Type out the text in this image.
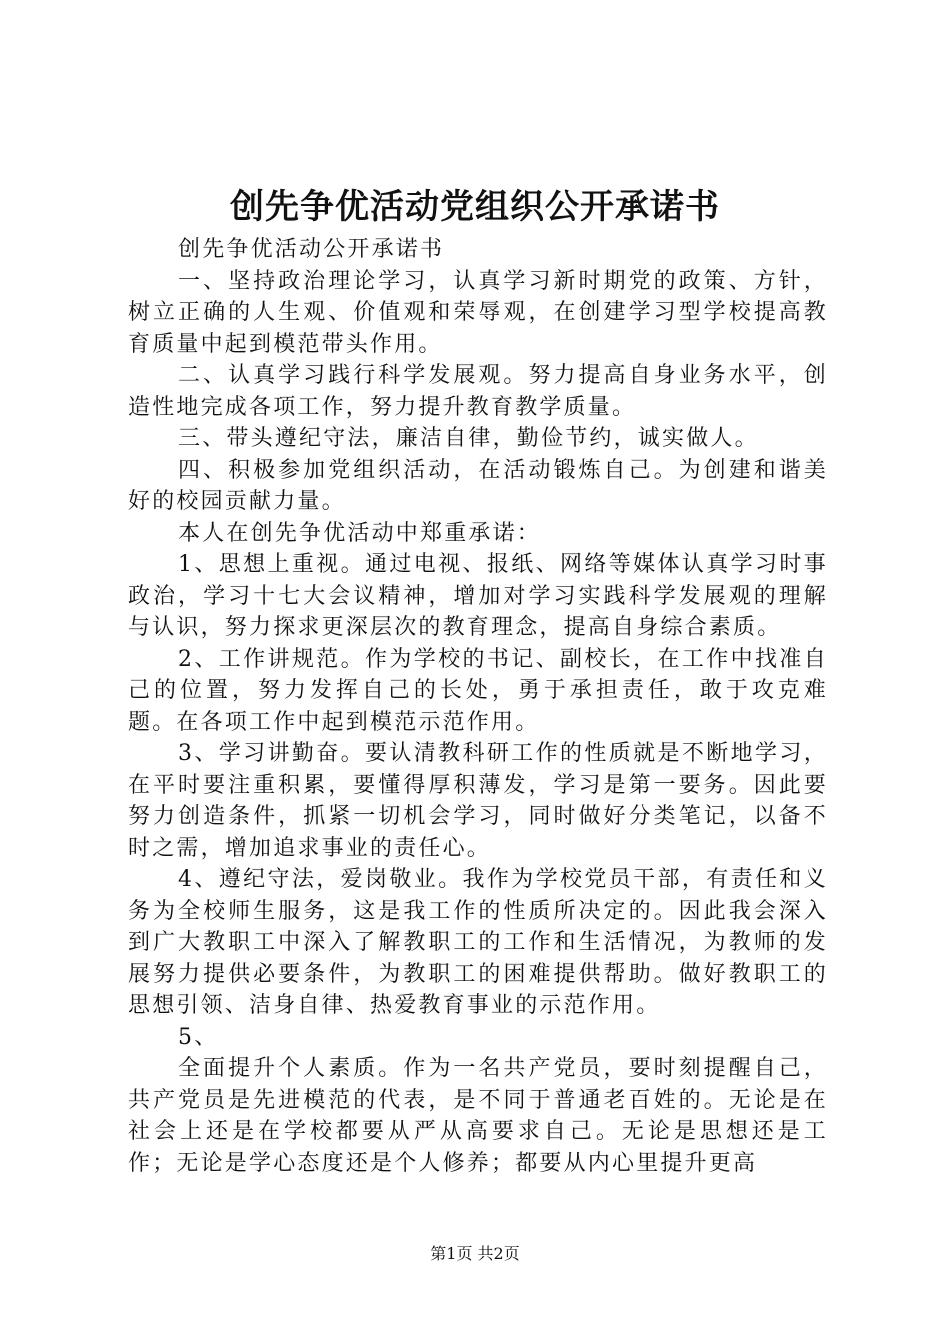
创先争优活动党组织公开承诺书

创先争优活动公开承诺书

一、坚持政治理论学习，认真学习新时期党的政策、方针，树立正确的人生观、价值观和荣辱观，在创建学习型学校提高教育质量中起到模范带头作用。

二、认真学习践行科学发展观。努力提高自身业务水平，创造性地完成各项工作，努力提升教育教学质量。

三、带头遵纪守法，廉洁自律，勤俭节约，诚实做人。

四、积极参加党组织活动，在活动锻炼自己。为创建和谐美好的校园贡献力量。

本人在创先争优活动中郑重承诺：

1、思想上重视。通过电视、报纸、网络等媒体认真学习时事政治，学习十七大会议精神，增加对学习实践科学发展观的理解与认识，努力探求更深层次的教育理念，提高自身综合素质。

2、工作讲规范。作为学校的书记、副校长，在工作中找准自己的位置，努力发挥自己的长处，勇于承担责任，敢于攻克难题。在各项工作中起到模范示范作用。

3、学习讲勤奋。要认清教科研工作的性质就是不断地学习，在平时要注重积累，要懂得厚积薄发，学习是第一要务。因此要努力创造条件，抓紧一切机会学习，同时做好分类笔记，以备不时之需，增加追求事业的责任心。

4、遵纪守法，爱岗敬业。我作为学校党员干部，有责任和义务为全校师生服务，这是我工作的性质所决定的。因此我会深入到广大教职工中深入了解教职工的工作和生活情况，为教师的发展努力提供必要条件，为教职工的困难提供帮助。做好教职工的思想引领、洁身自律、热爱教育事业的示范作用。

5、

全面提升个人素质。作为一名共产党员，要时刻提醒自己，共产党员是先进模范的代表，是不同于普通老百姓的。无论是在社会上还是在学校都要从严从高要求自己。无论是思想还是工作；无论是学心态度还是个人修养；都要从内心里提升更高

第1页 共2页
